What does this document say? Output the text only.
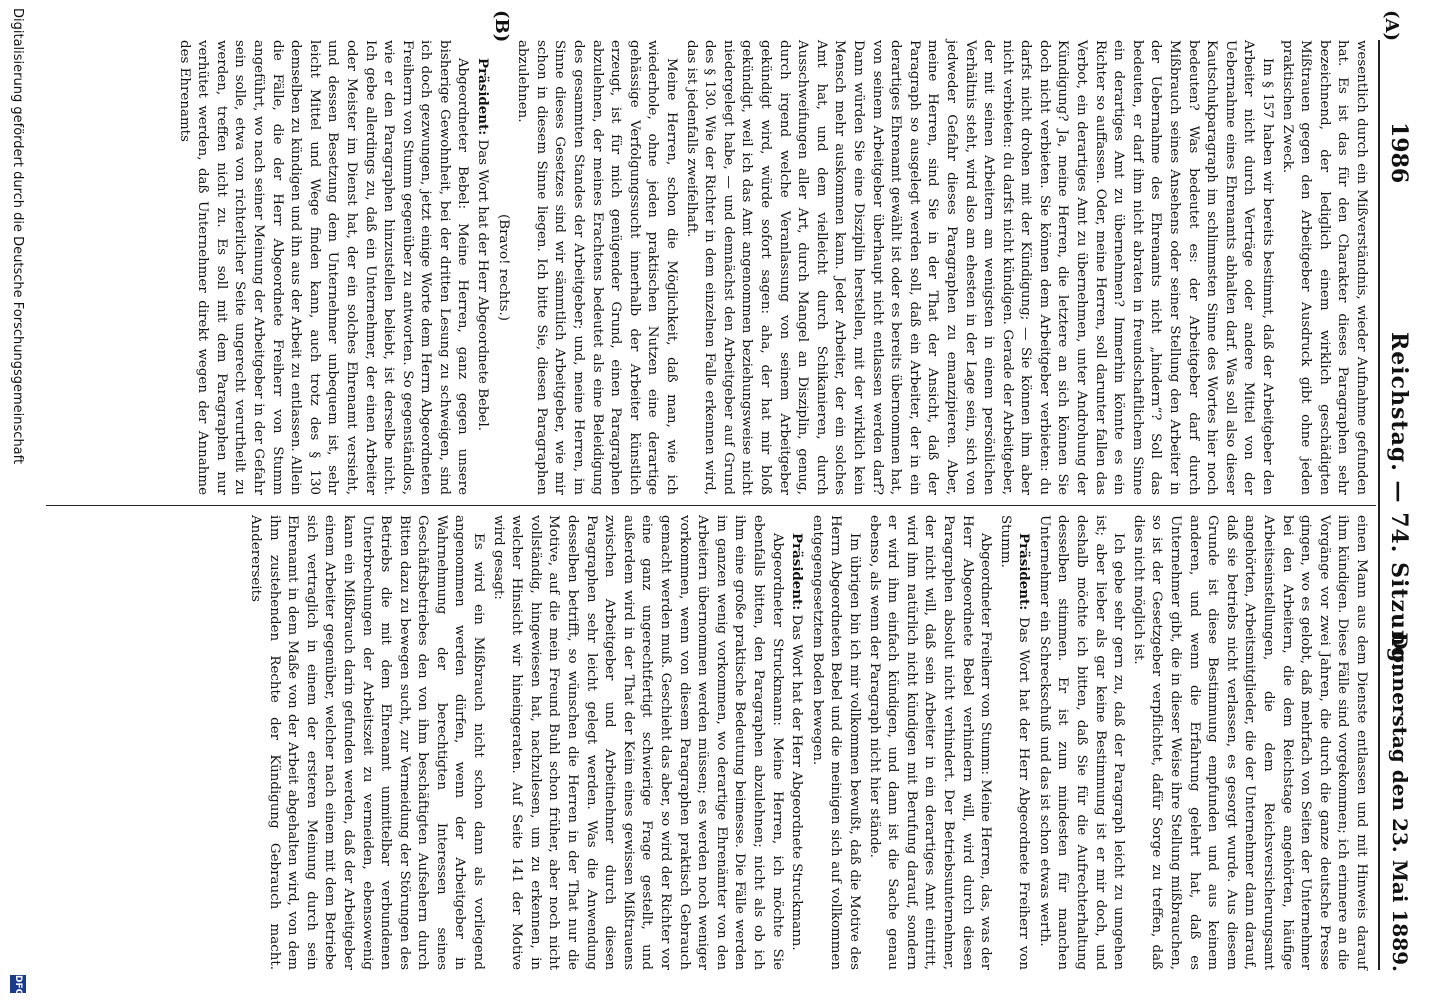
1986
Reichstag. — 74. Sitzung.
Donnerstag den 23. Mai 1889.
(A)
(B)

wesentlich durch ein Mißverständnis, wieder Aufnahme gefunden hat. Es ist das für den Charakter dieses Paragraphen sehr bezeichnend, der lediglich einem wirklich geschädigten Mißtrauen gegen den Arbeitgeber Ausdruck gibt ohne jeden praktischen Zweck.

Im § 157 haben wir bereits bestimmt, daß der Arbeitgeber den Arbeiter nicht durch Verträge oder andere Mittel von der Uebernahme eines Ehrenamts abhalten darf. Was soll also dieser Kautschukparagraph im schlimmsten Sinne des Wortes hier noch bedeuten? Was bedeutet es: der Arbeitgeber darf durch Mißbrauch seines Ansehens oder seiner Stellung den Arbeiter in der Uebernahme des Ehrenamts nicht „hindern“? Soll das bedeuten, er darf ihm nicht abraten in freundschaftlichem Sinne ein derartiges Amt zu übernehmen? Immerhin könnte es ein Richter so auffassen. Oder, meine Herren, soll darunter fallen das Verbot, ein derartiges Amt zu übernehmen, unter Androhung der Kündigung? Ja, meine Herren, die letztere an sich können Sie doch nicht verbieten. Sie können dem Arbeitgeber verbieten: du darfst nicht drohen mit der Kündigung; — Sie können ihm aber nicht verbieten: du darfst nicht kündigen. Gerade der Arbeitgeber, der mit seinen Arbeitern am wenigsten in einem persönlichen Verhältnis steht, wird also am ehesten in der Lage sein, sich von jedweder Gefahr dieses Paragraphen zu emanzipieren. Aber, meine Herren, sind Sie in der That der Ansicht, daß der Paragraph so ausgelegt werden soll, daß ein Arbeiter, der in ein derartiges Ehrenamt gewählt ist oder es bereits übernommen hat, von seinem Arbeitgeber überhaupt nicht entlassen werden darf? Dann würden Sie eine Disziplin herstellen, mit der wirklich kein Mensch mehr auskommen kann. Jeder Arbeiter, der ein solches Amt hat, und dem vielleicht durch Schikanieren, durch Ausschweifungen aller Art, durch Mangel an Disziplin, genug, durch irgend welche Veranlassung von seinem Arbeitgeber gekündigt wird, würde sofort sagen: aha, der hat mir bloß gekündigt, weil ich das Amt angenommen beziehungsweise nicht niedergelegt habe, — und demnächst den Arbeitgeber auf Grund des § 130. Wie der Richter in dem einzelnen Falle erkennen wird, das ist jedenfalls zweifelhaft.

Meine Herren, schon die Möglichkeit, daß man, wie ich wiederhole, ohne jeden praktischen Nutzen eine derartige gehässige Verfolgungssucht innerhalb der Arbeiter künstlich erzeugt, ist für mich genügender Grund, einen Paragraphen abzulehnen, der meines Erachtens bedeutet als eine Beleidigung des gesammten Standes der Arbeitgeber; und, meine Herren, im Sinne dieses Gesetzes sind wir sämmtlich Arbeitgeber, wie mir schon in diesem Sinne liegen. Ich bitte Sie, diesen Paragraphen abzulehnen.

(Bravo! rechts.)

Präsident: Das Wort hat der Herr Abgeordnete Bebel.

Abgeordneter Bebel: Meine Herren, ganz gegen unsere bisherige Gewohnheit, bei der dritten Lesung zu schweigen, sind ich doch gezwungen, jetzt einige Worte dem Herrn Abgeordneten Freiherrn von Stumm gegenüber zu antworten. So gegenständlos, wie er den Paragraphen hinzustellen beliebt, ist derselbe nicht. Ich gebe allerdings zu, daß ein Unternehmer, der einen Arbeiter oder Meister im Dienst hat, der ein solches Ehrenamt versieht, und dessen Besetzung dem Unternehmer unbequem ist, sehr leicht Mittel und Wege finden kann, auch trotz des § 130 demselben zu kündigen und ihn aus der Arbeit zu entlassen. Allein die Fälle, die der Herr Abgeordnete Freiherr von Stumm angeführt, wo nach seiner Meinung der Arbeitgeber in der Gefahr sein solle, etwa von richterlicher Seite ungerecht verurtheilt zu werden, treffen nicht zu. Es soll mit dem Paragraphen nur verhütet werden, daß Unternehmer direkt wegen der Annahme des Ehrenamts

einen Mann aus dem Dienste entlassen und mit Hinweis darauf ihm kündigen. Diese Fälle sind vorgekommen; ich erinnere an die Vorgänge vor zwei Jahren, die durch die ganze deutsche Presse gingen, wo es gelobt, daß mehrfach von Seiten der Unternehmer bei den Arbeitern, die dem Reichstage angehörten, häufige Arbeitseinstellungen, die dem Reichsversicherungsamt angehörten, Arbeitsmitglieder, die der Unternehmer dann darauf, daß sie betriebs nicht verlassen, es gesorgt wurde. Aus diesem Grunde ist diese Bestimmung empfunden und aus keinem anderen, und wenn die Erfahrung gelehrt hat, daß es Unternehmer gibt, die in dieser Weise ihre Stellung mißbrauchen, so ist der Gesetzgeber verpflichtet, dafür Sorge zu treffen, daß dies nicht möglich ist.

Ich gebe sehr gern zu, daß der Paragraph leicht zu umgehen ist; aber lieber als gar keine Bestimmung ist er mir doch, und deshalb möchte ich bitten, daß Sie für die Aufrechterhaltung desselben stimmen. Er ist zum mindesten für manchen Unternehmer ein Schreckschuß und das ist schon etwas werth.

Präsident: Das Wort hat der Herr Abgeordnete Freiherr von Stumm.

Abgeordneter Freiherr von Stumm: Meine Herren, das, was der Herr Abgeordnete Bebel verhindern will, wird durch diesen Paragraphen absolut nicht verhindert. Der Betriebsunternehmer, der nicht will, daß sein Arbeiter in ein derartiges Amt eintritt, wird ihm natürlich nicht kündigen mit Berufung darauf, sondern er wird ihm einfach kündigen, und dann ist die Sache genau ebenso, als wenn der Paragraph nicht hier stände.

Im übrigen bin ich mir vollkommen bewußt, daß die Motive des Herrn Abgeordneten Bebel und die meinigen sich auf vollkommen entgegengesetztem Boden bewegen.

Präsident: Das Wort hat der Herr Abgeordnete Struckmann.

Abgeordneter Struckmann: Meine Herren, ich möchte Sie ebenfalls bitten, den Paragraphen abzulehnen; nicht als ob ich ihm eine große praktische Bedeutung beimesse. Die Fälle werden im ganzen wenig vorkommen, wo derartige Ehrenämter von den Arbeitern übernommen werden müssen; es werden noch weniger vorkommen, wenn von diesem Paragraphen praktisch Gebrauch gemacht werden muß. Geschieht das aber, so wird der Richter vor eine ganz ungerechtfertigt schwierige Frage gestellt, und außerdem wird in der That der Keim eines gewissen Mißtrauens zwischen Arbeitgeber und Arbeitnehmer durch diesen Paragraphen sehr leicht gelegt werden. Was die Anwendung desselben betrifft, so wünschen die Herren in der That nur die Motive, auf die mein Freund Buhl schon früher, aber noch nicht vollständig, hingewiesen hat, nachzulesen, um zu erkennen, in welcher Hinsicht wir hineingeraten. Auf Seite 141 der Motive wird gesagt:

Es wird ein Mißbrauch nicht schon dann als vorliegend angenommen werden dürfen, wenn der Arbeitgeber in Wahrnehmung der berechtigten Interessen seines Geschäftsbetriebes den von ihm beschäftigten Aufsehern durch Bitten dazu zu bewegen sucht, zur Vermeidung der Störungen des Betriebs die mit dem Ehrenamt unmittelbar verbundenen Unterbrechungen der Arbeitszeit zu vermeiden, ebensowenig kann ein Mißbrauch darin gefunden werden, daß der Arbeitgeber einem Arbeiter gegenüber, welcher nach einem mit dem Betriebe sich vertraglich in einem der ersteren Meinung durch sein Ehrenamt in dem Maße von der Arbeit abgehalten wird, von dem ihm zustehenden Rechte der Kündigung Gebrauch macht. Andererseits

Digitalisierung gefördert durch die Deutsche Forschungsgemeinschaft
DFG
